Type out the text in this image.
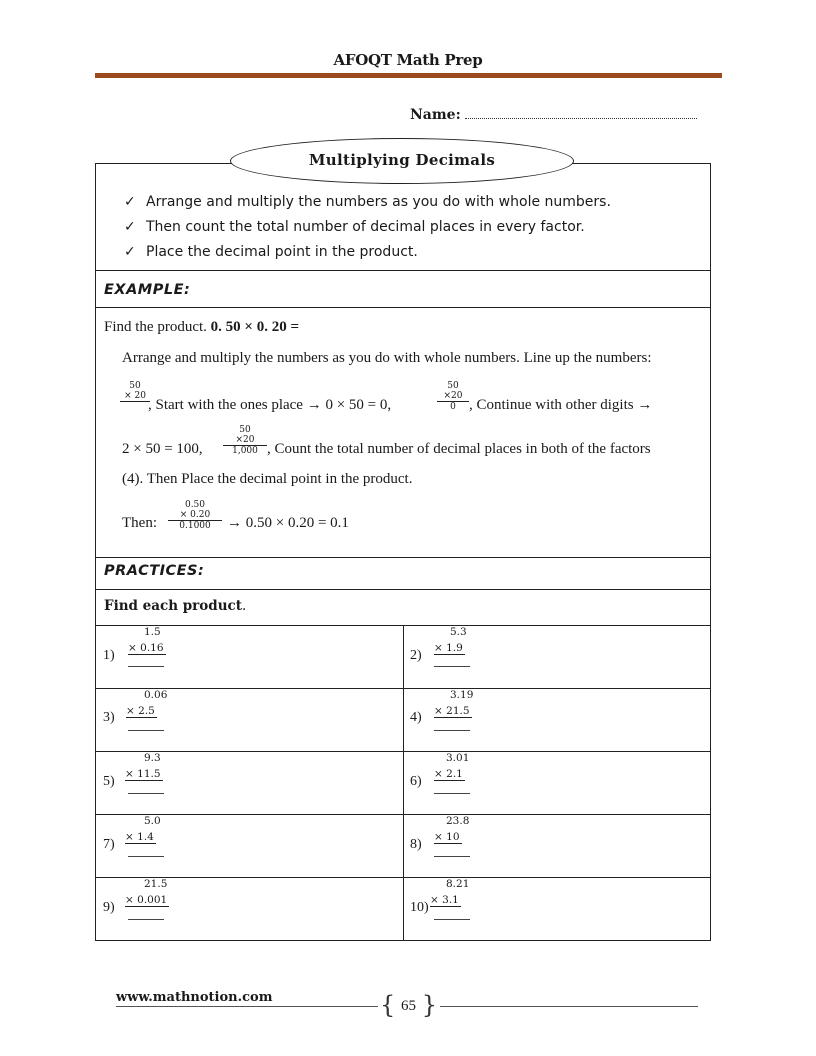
AFOQT Math Prep
Name:
Multiplying Decimals
✓ Arrange and multiply the numbers as you do with whole numbers.
✓ Then count the total number of decimal places in every factor.
✓ Place the decimal point in the product.
EXAMPLE:
Find the product. 0. 50 × 0. 20 =
Arrange and multiply the numbers as you do with whole numbers. Line up the numbers:
50
× 20
, Start with the ones place → 0 × 50 = 0,
50
×20
0 , Continue with other digits →
2 × 50 = 100,
50
×20
1,000 , Count the total number of decimal places in both of the factors
(4). Then Place the decimal point in the product.
Then:
0.50
× 0.20
0.1000	→ 0.50 × 0.20 = 0.1
PRACTICES:
Find each product.
1)
1.5
× 0.16
3)
0.06
× 2.5
5)
9.3
× 11.5
7)
5.0
× 1.4
9)
21.5
× 0.001
2)
5.3
× 1.9
4)
3.19
× 21.5
6)
3.01
× 2.1
8)
23.8
× 10
10)
8.21
× 3.1
www.mathnotion.com	{ 65 }
